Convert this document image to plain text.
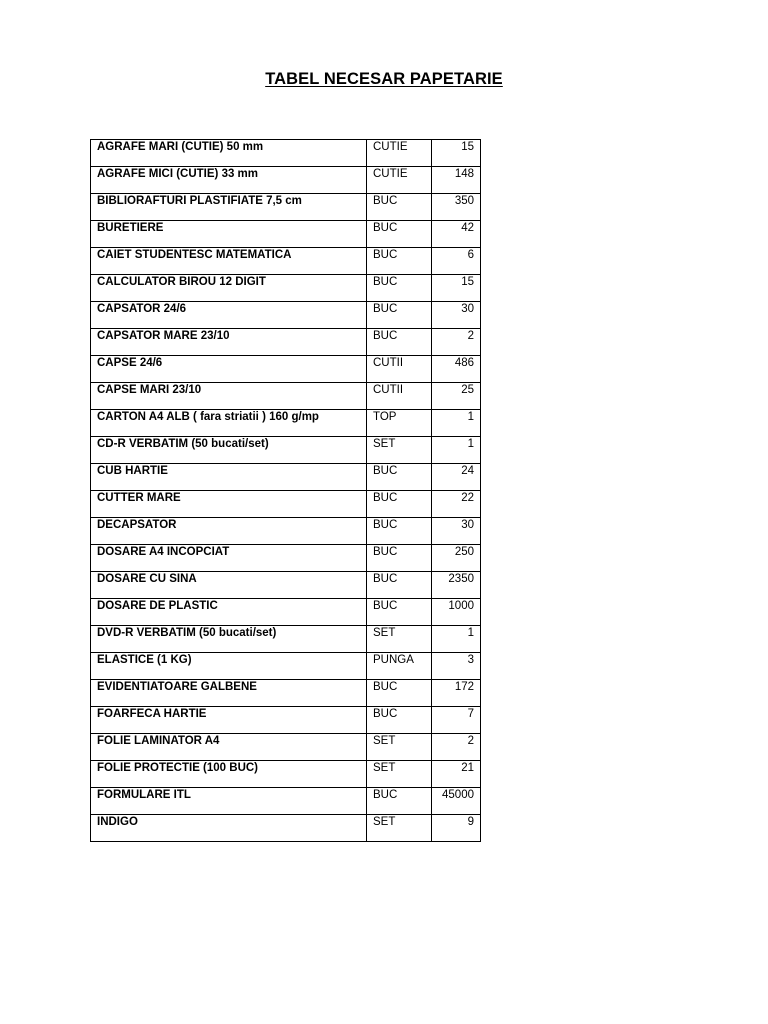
TABEL NECESAR PAPETARIE
AGRAFE MARI (CUTIE) 50 mm	CUTIE	15
AGRAFE MICI (CUTIE) 33 mm	CUTIE	148
BIBLIORAFTURI PLASTIFIATE 7,5 cm	BUC	350
BURETIERE	BUC	42
CAIET STUDENTESC MATEMATICA	BUC	6
CALCULATOR BIROU 12 DIGIT	BUC	15
CAPSATOR 24/6	BUC	30
CAPSATOR MARE 23/10	BUC	2
CAPSE 24/6	CUTII	486
CAPSE MARI 23/10	CUTII	25
CARTON A4 ALB ( fara striatii ) 160 g/mp	TOP	1
CD-R VERBATIM (50 bucati/set)	SET	1
CUB HARTIE	BUC	24
CUTTER MARE	BUC	22
DECAPSATOR	BUC	30
DOSARE A4 INCOPCIAT	BUC	250
DOSARE CU SINA	BUC	2350
DOSARE DE PLASTIC	BUC	1000
DVD-R VERBATIM (50 bucati/set)	SET	1
ELASTICE (1 KG)	PUNGA	3
EVIDENTIATOARE GALBENE	BUC	172
FOARFECA HARTIE	BUC	7
FOLIE LAMINATOR A4	SET	2
FOLIE PROTECTIE (100 BUC)	SET	21
FORMULARE ITL	BUC	45000
INDIGO	SET	9
